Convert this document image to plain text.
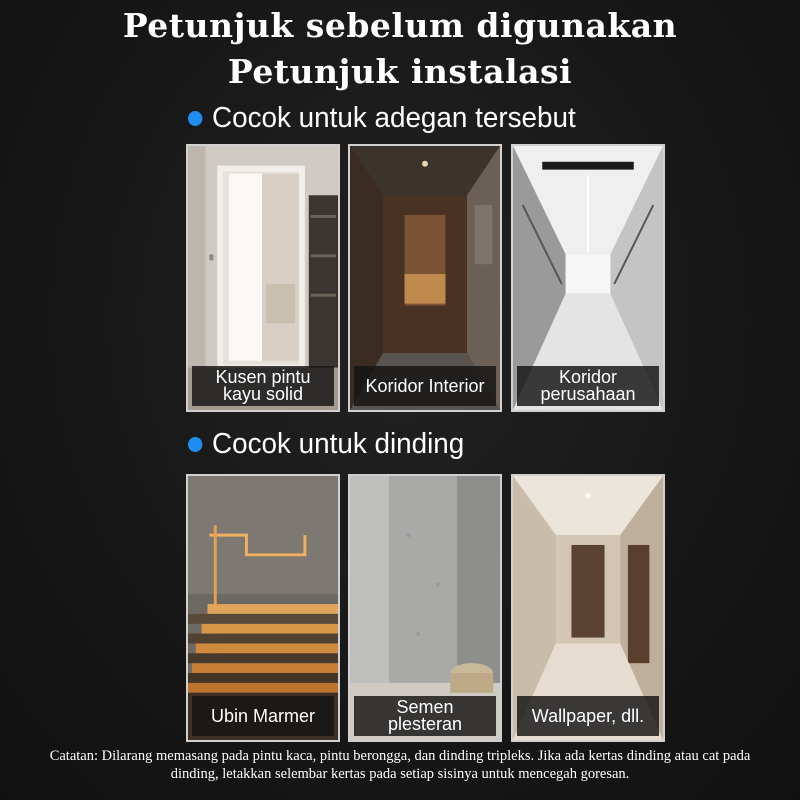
Petunjuk sebelum digunakan
Petunjuk instalasi
Cocok untuk adegan tersebut
Kusen pintu
kayu solid	Koridor Interior	Koridor
perusahaan
Cocok untuk dinding
Ubin Marmer	Semen
plesteran	Wallpaper, dll.
Catatan: Dilarang memasang pada pintu kaca, pintu berongga, dan dinding tripleks. Jika ada kertas dinding atau cat pada dinding, letakkan selembar kertas pada setiap sisinya untuk mencegah goresan.
